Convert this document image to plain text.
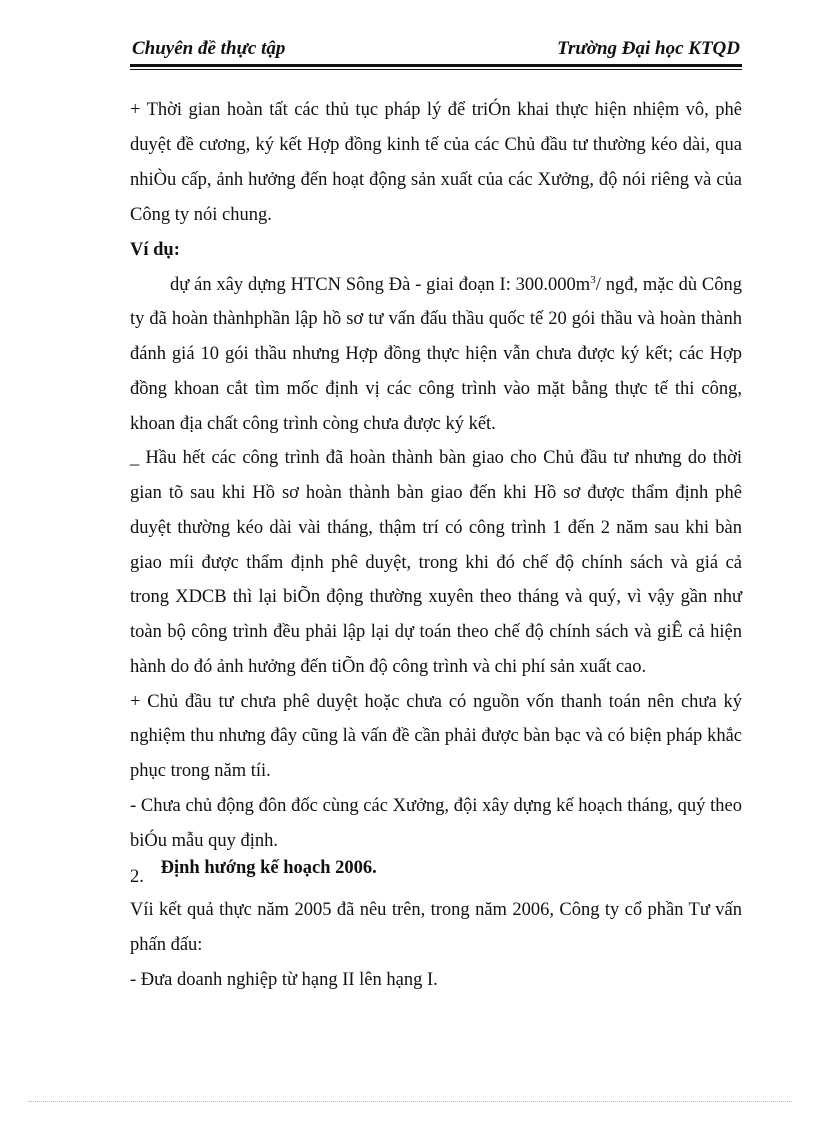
Chuyên đề thực tập	Trường Đại học KTQD
+ Thời gian hoàn tất các thủ tục pháp lý để triÓn khai thực hiện nhiệm vô, phê
duyệt đề cương, ký kết Hợp đồng kinh tế của các Chủ đầu tư thường kéo dài, qua
nhiÒu cấp, ảnh hưởng đến hoạt động sản xuất của các Xưởng, độ nói riêng và của
Công ty nói chung.
Ví dụ:
dự án xây dựng HTCN Sông Đà - giai đoạn I: $300.000m^3/$ ngđ, mặc dù Công
ty đã hoàn thànhphần lập hồ sơ tư vấn đấu thầu quốc tế 20 gói thầu và hoàn thành
đánh giá 10 gói thầu nhưng Hợp đồng thực hiện vẫn chưa được ký kết; các Hợp
đồng khoan cắt tìm mốc định vị các công trình vào mặt bằng thực tế thi công,
khoan địa chất công trình còng chưa được ký kết.
_ Hầu hết các công trình đã hoàn thành bàn giao cho Chủ đầu tư nhưng do thời
gian tõ sau khi Hồ sơ hoàn thành bàn giao đến khi Hồ sơ được thẩm định phê
duyệt thường kéo dài vài tháng, thậm trí có công trình 1 đến 2 năm sau khi bàn
giao míi được thẩm định phê duyệt, trong khi đó chế độ chính sách và giá cả
trong XDCB thì lại biÕn động thường xuyên theo tháng và quý, vì vậy gần như
toàn bộ công trình đều phải lập lại dự toán theo chế độ chính sách và giÊ cả hiện
hành do đó ảnh hưởng đến tiÕn độ công trình và chi phí sản xuất cao.
+ Chủ đầu tư chưa phê duyệt hoặc chưa có nguồn vốn thanh toán nên chưa ký
nghiệm thu nhưng đây cũng là vấn đề cần phải được bàn bạc và có biện pháp khắc
phục trong năm tíi.
- Chưa chủ động đôn đốc cùng các Xưởng, đội xây dựng kế hoạch tháng, quý theo
biÓu mẫu quy định.
2. Định hướng kế hoạch 2006.
Víi kết quả thực năm 2005 đã nêu trên, trong năm 2006, Công ty cổ phần Tư vấn
phấn đấu:
- Đưa doanh nghiệp từ hạng II lên hạng I.
